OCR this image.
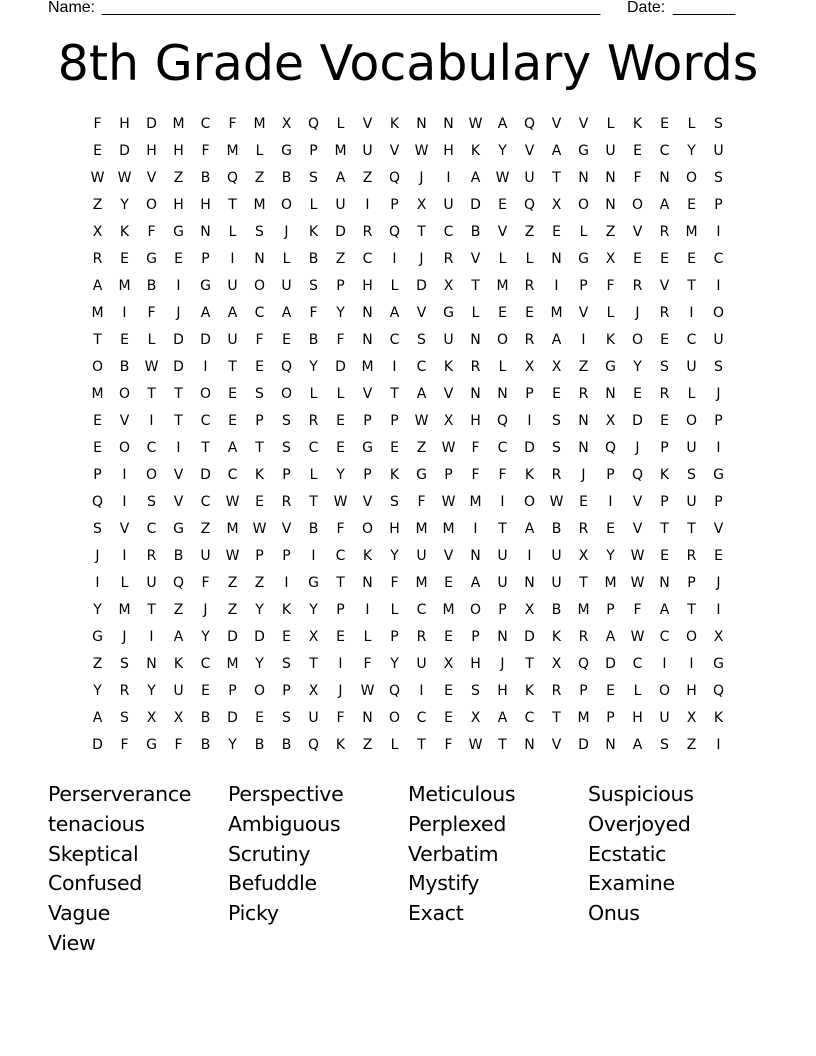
Name: ________________________________________________________ Date: _______
8th Grade Vocabulary Words
F	H	D	M	C	F	M	X	Q	L	V	K	N	N	W	A	Q	V	V	L	K	E	L	S
E	D	H	H	F	M	L	G	P	M	U	V	W	H	K	Y	V	A	G	U	E	C	Y	U
W W	V	Z	B	Q	Z	B	S	A	Z	Q	J	I	A	W	U	T	N	N	F	N	O	S
Z	Y	O	H	H	T	M	O	L	U	I	P	X	U	D	E	Q	X	O	N	O	A	E	P
X	K	F	G	N	L	S	J	K	D	R	Q	T	C	B	V	Z	E	L	Z	V	R	M	I
R	E	G	E	P	I	N	L	B	Z	C	I	J	R	V	L	L	N	G	X	E	E	E	C
A	M	B	I	G	U	O	U	S	P	H	L	D	X	T	M	R	I	P	F	R	V	T	I
M	I	F	J	A	A	C	A	F	Y	N	A	V	G	L	E	E	M	V	L	J	R	I	O
T	E	L	D	D	U	F	E	B	F	N	C	S	U	N	O	R	A	I	K	O	E	C	U
O	B	W	D	I	T	E	Q	Y	D	M	I	C	K	R	L	X	X	Z	G	Y	S	U	S
M	O	T	T	O	E	S	O	L	L	V	T	A	V	N	N	P	E	R	N	E	R	L	J
E	V	I	T	C	E	P	S	R	E	P	P	W	X	H	Q	I	S	N	X	D	E	O	P
E	O	C	I	T	A	T	S	C	E	G	E	Z	W	F	C	D	S	N	Q	J	P	U	I
P	I	O	V	D	C	K	P	L	Y	P	K	G	P	F	F	K	R	J	P	Q	K	S	G
Q	I	S	V	C	W	E	R	T	W	V	S	F	W	M	I	O	W	E	I	V	P	U	P
S	V	C	G	Z	M	W	V	B	F	O	H	M	M	I	T	A	B	R	E	V	T	T	V
J	I	R	B	U	W	P	P	I	C	K	Y	U	V	N	U	I	U	X	Y	W	E	R	E
I	L	U	Q	F	Z	Z	I	G	T	N	F	M	E	A	U	N	U	T	M	W	N	P	J
Y	M	T	Z	J	Z	Y	K	Y	P	I	L	C	M	O	P	X	B	M	P	F	A	T	I
G	J	I	A	Y	D	D	E	X	E	L	P	R	E	P	N	D	K	R	A	W	C	O	X
Z	S	N	K	C	M	Y	S	T	I	F	Y	U	X	H	J	T	X	Q	D	C	I	I	G
Y	R	Y	U	E	P	O	P	X	J	W	Q	I	E	S	H	K	R	P	E	L	O	H	Q
A	S	X	X	B	D	E	S	U	F	N	O	C	E	X	A	C	T	M	P	H	U	X	K
D	F	G	F	B	Y	B	B	Q	K	Z	L	T	F	W	T	N	V	D	N	A	S	Z	I
Perserverance	Perspective	Meticulous	Suspicious
tenacious	Ambiguous	Perplexed	Overjoyed
Skeptical	Scrutiny	Verbatim	Ecstatic
Confused	Befuddle	Mystify	Examine
Vague	Picky	Exact	Onus
View
